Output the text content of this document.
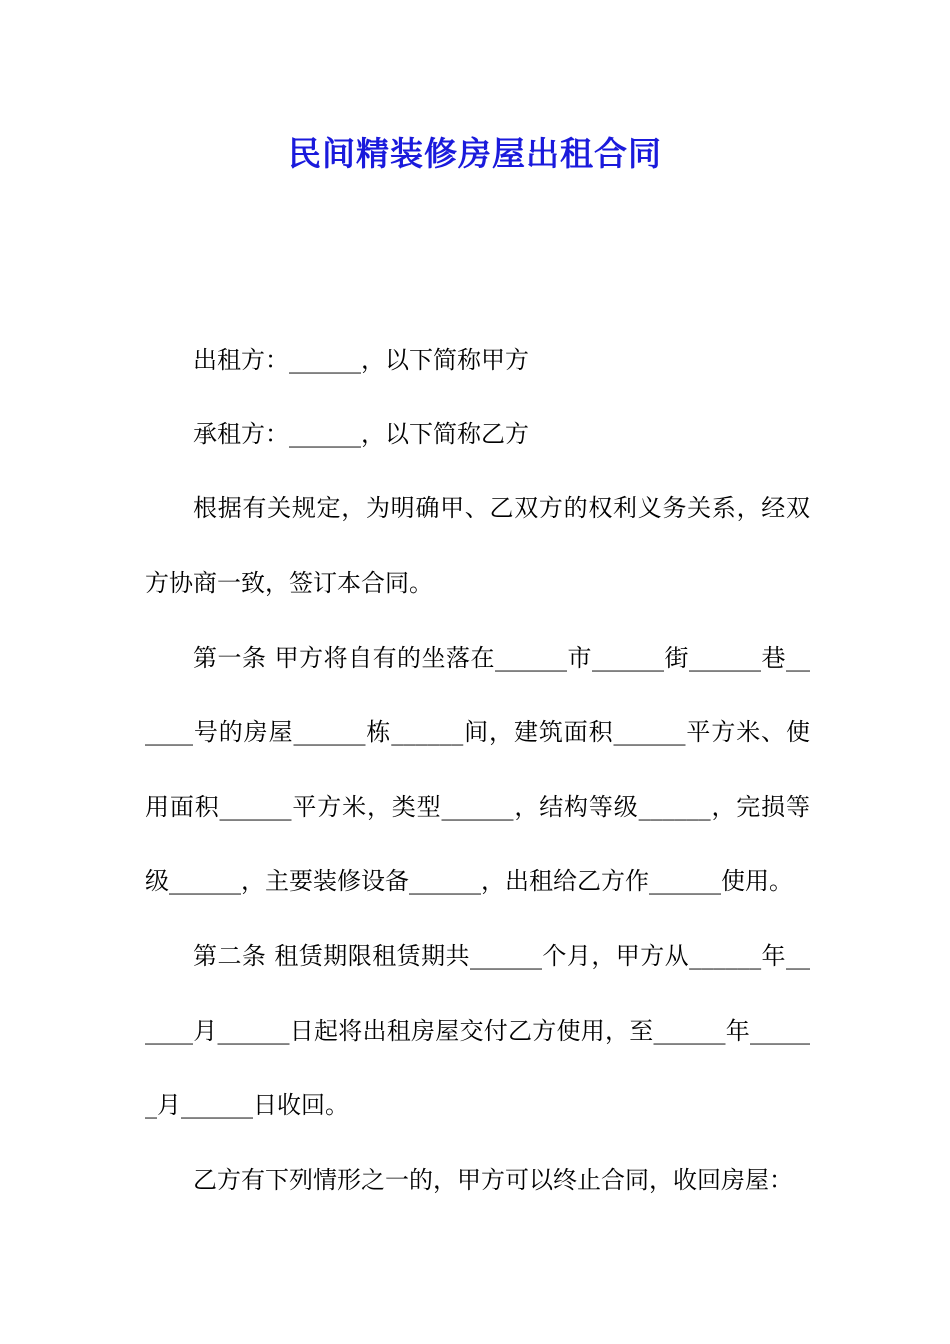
民间精装修房屋出租合同
出租方：______，以下简称甲方
承租方：______，以下简称乙方
根据有关规定，为明确甲、乙双方的权利义务关系，经双
方协商一致，签订本合同。
第一条 甲方将自有的坐落在______市______街______巷__
____号的房屋______栋______间，建筑面积______平方米、使
用面积______平方米，类型______，结构等级______，完损等
级______，主要装修设备______，出租给乙方作______使用。
第二条 租赁期限租赁期共______个月，甲方从______年__
____月______日起将出租房屋交付乙方使用，至______年_____
_月______日收回。
乙方有下列情形之一的，甲方可以终止合同，收回房屋：
